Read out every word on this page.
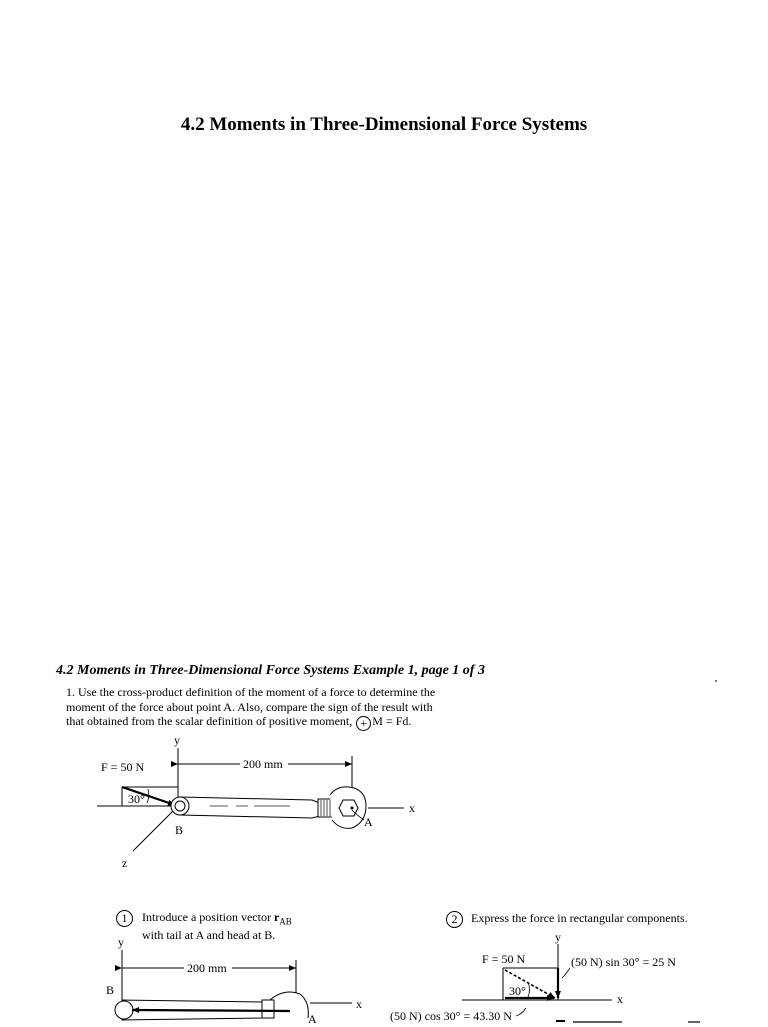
4.2 Moments in Three-Dimensional Force Systems
4.2 Moments in Three-Dimensional Force Systems Example 1, page 1 of 3
1. Use the cross-product definition of the moment of a force to determine the
moment of the force about point A. Also, compare the sign of the result with
that obtained from the scalar definition of positive moment, + M = Fd.
y
x
z
F = 50 N
30°
200 mm
A
B
1	Introduce a position vector $r_{AB}$
with tail at A and head at B.
y
x
200 mm
B
A
2	Express the force in rectangular components.
y
x
F = 50 N	(50 N) sin 30° = 25 N
30°
(50 N) cos 30° = 43.30 N
